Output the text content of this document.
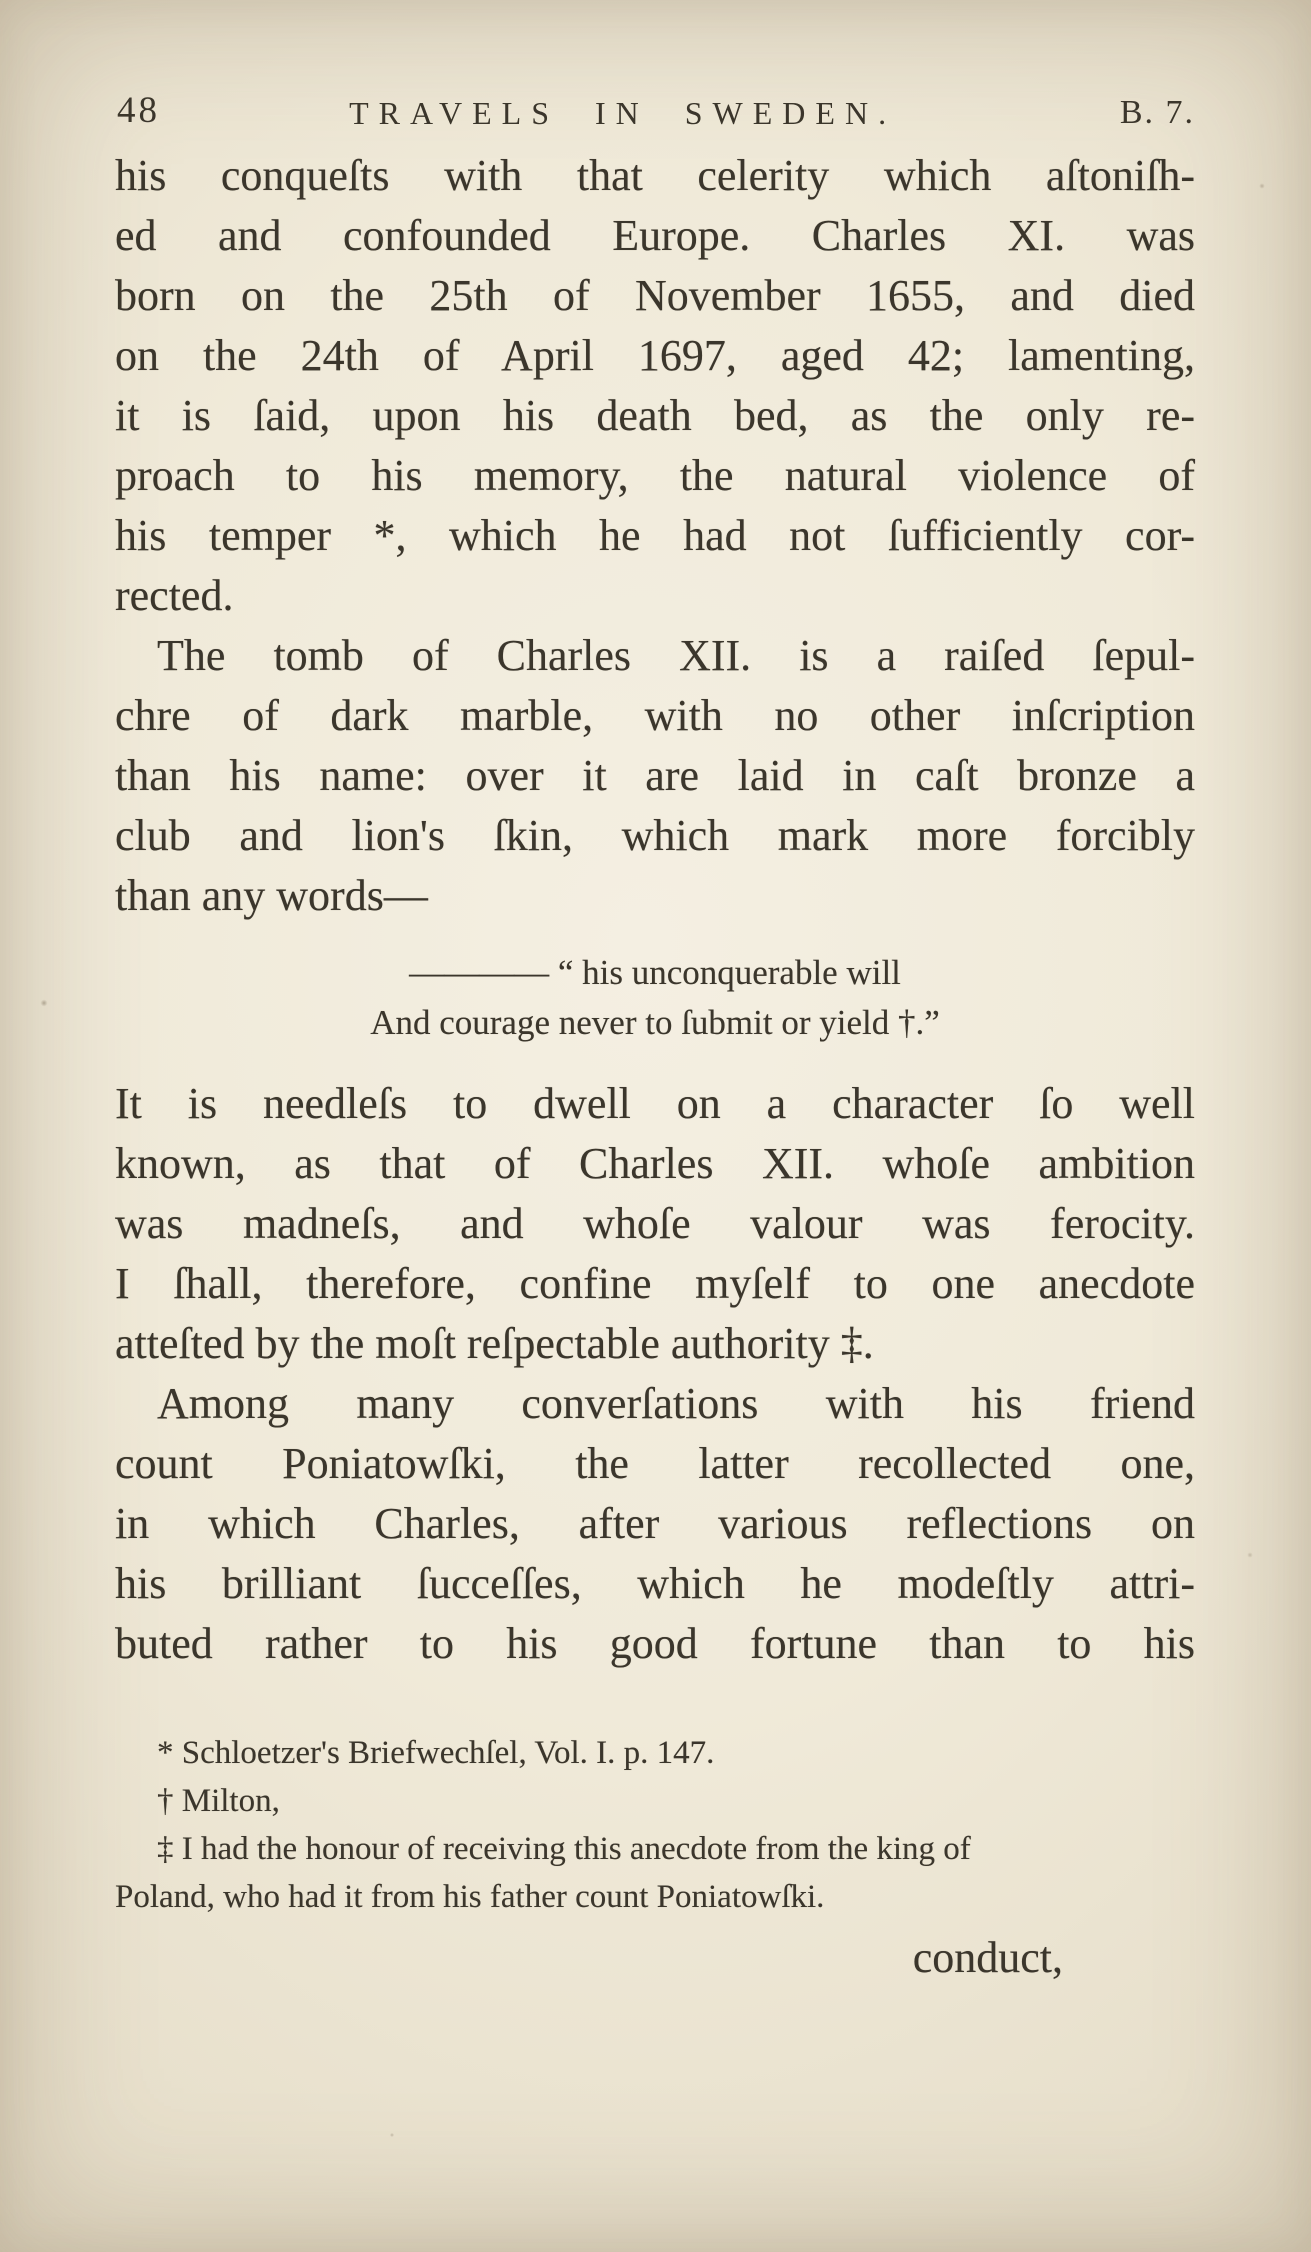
48	TRAVELS IN SWEDEN.	B. 7.
his conqueſts with that celerity which aſtoniſh-
ed and confounded Europe. Charles XI. was
born on the 25th of November 1655, and died
on the 24th of April 1697, aged 42; lamenting,
it is ſaid, upon his death bed, as the only re-
proach to his memory, the natural violence of
his temper *, which he had not ſufficiently cor-
rected.
The tomb of Charles XII. is a raiſed ſepul-
chre of dark marble, with no other inſcription
than his name: over it are laid in caſt bronze a
club and lion's ſkin, which mark more forcibly
than any words—
———— “ his unconquerable will
And courage never to ſubmit or yield †.”
It is needleſs to dwell on a character ſo well
known, as that of Charles XII. whoſe ambition
was madneſs, and whoſe valour was ferocity.
I ſhall, therefore, confine myſelf to one anecdote
atteſted by the moſt reſpectable authority ‡.
Among many converſations with his friend
count Poniatowſki, the latter recollected one,
in which Charles, after various reflections on
his brilliant ſucceſſes, which he modeſtly attri-
buted rather to his good fortune than to his
* Schloetzer's Briefwechſel, Vol. I. p. 147.
† Milton,
‡ I had the honour of receiving this anecdote from the king of
Poland, who had it from his father count Poniatowſki.
conduct,
